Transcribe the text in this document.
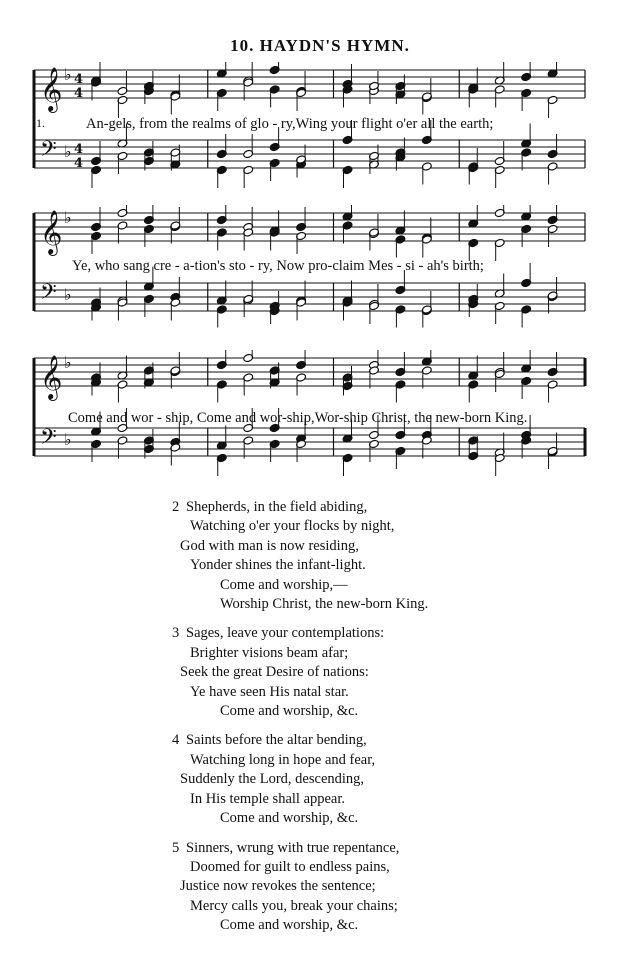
10. HAYDN'S HYMN.
𝄞 ♭
𝄢 ♭
4
4
4
4
1.	An-gels, from the realms of glo - ry,Wing your flight o'er all the earth;
𝄞 ♭
𝄢 ♭
Ye, who sang cre - a-tion's sto - ry, Now pro-claim Mes - si - ah's birth;
𝄞 ♭
𝄢 ♭
Come and wor - ship, Come and wor-ship,Wor-ship Christ, the new-born King.
2 Shepherds, in the field abiding,
Watching o'er your flocks by night,
God with man is now residing,
Yonder shines the infant-light.
Come and worship,—
Worship Christ, the new-born King.
3 Sages, leave your contemplations:
Brighter visions beam afar;
Seek the great Desire of nations:
Ye have seen His natal star.
Come and worship, &c.
4 Saints before the altar bending,
Watching long in hope and fear,
Suddenly the Lord, descending,
In His temple shall appear.
Come and worship, &c.
5 Sinners, wrung with true repentance,
Doomed for guilt to endless pains,
Justice now revokes the sentence;
Mercy calls you, break your chains;
Come and worship, &c.
